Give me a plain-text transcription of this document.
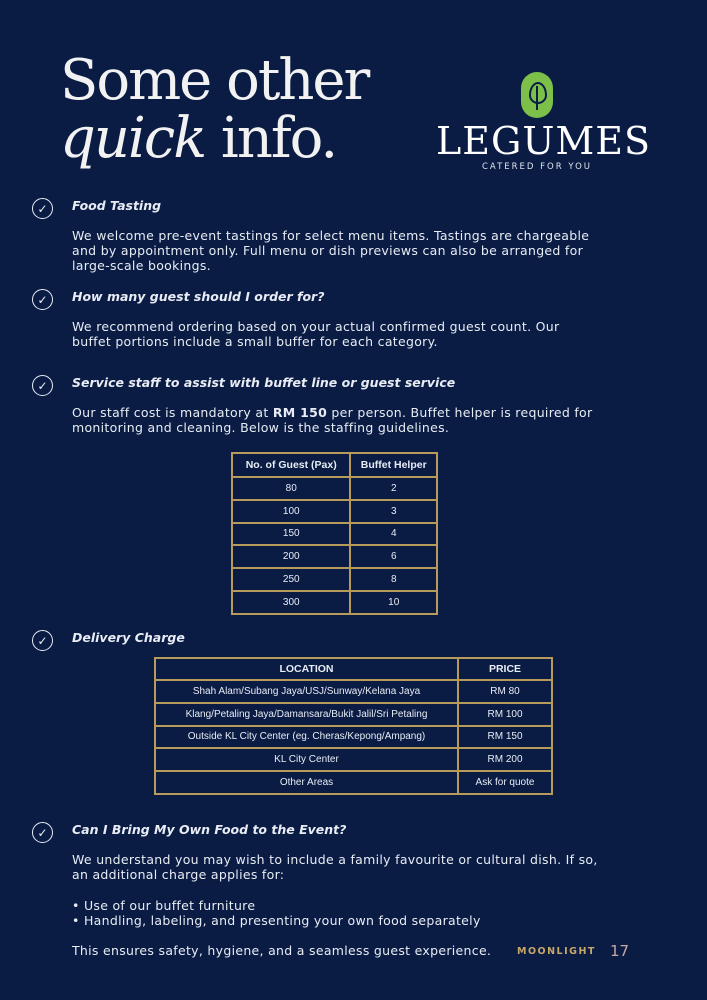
Some other
quick info.	LEGUMES
CATERED FOR YOU
✓	Food Tasting
We welcome pre-event tastings for select menu items. Tastings are chargeable and by appointment only. Full menu or dish previews can also be arranged for large-scale bookings.
✓	How many guest should I order for?
We recommend ordering based on your actual confirmed guest count. Our buffet portions include a small buffer for each category.
✓	Service staff to assist with buffet line or guest service
Our staff cost is mandatory at RM 150 per person. Buffet helper is required for monitoring and cleaning. Below is the staffing guidelines.
No. of Guest (Pax)	Buffet Helper
80	2
100	3
150	4
200	6
250	8
300	10
✓	Delivery Charge
LOCATION	PRICE
Shah Alam/Subang Jaya/USJ/Sunway/Kelana Jaya	RM 80
Klang/Petaling Jaya/Damansara/Bukit Jalil/Sri Petaling	RM 100
Outside KL City Center (eg. Cheras/Kepong/Ampang)	RM 150
KL City Center	RM 200
Other Areas	Ask for quote
✓	Can I Bring My Own Food to the Event?
We understand you may wish to include a family favourite or cultural dish. If so, an additional charge applies for:
• Use of our buffet furniture
• Handling, labeling, and presenting your own food separately
This ensures safety, hygiene, and a seamless guest experience.	MOONLIGHT 17
